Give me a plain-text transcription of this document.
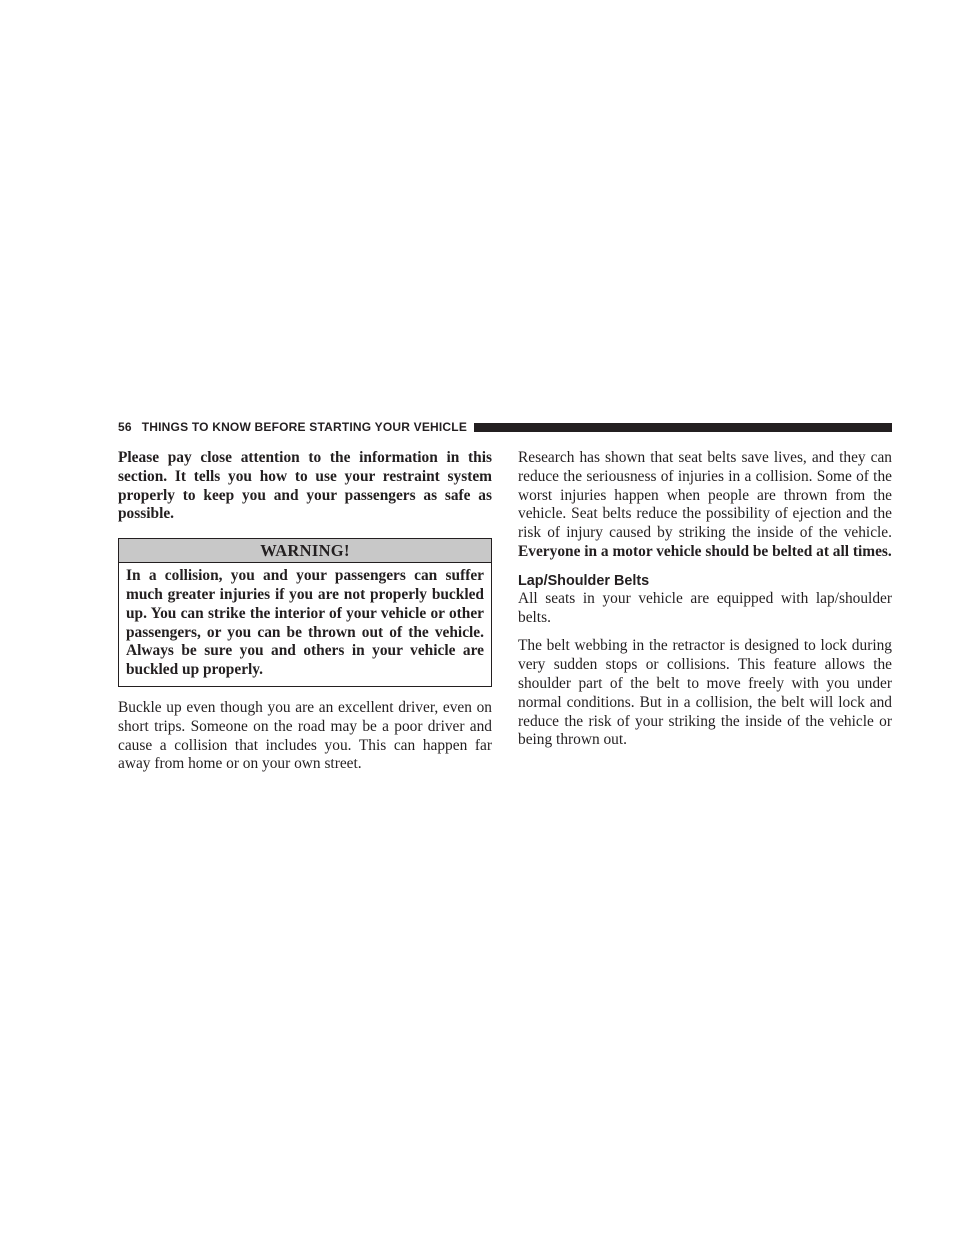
56 THINGS TO KNOW BEFORE STARTING YOUR VEHICLE

Please pay close attention to the information in this section. It tells you how to use your restraint system properly to keep you and your passengers as safe as possible.

WARNING!
In a collision, you and your passengers can suffer much greater injuries if you are not properly buckled up. You can strike the interior of your vehicle or other passengers, or you can be thrown out of the vehicle. Always be sure you and others in your vehicle are buckled up properly.

Buckle up even though you are an excellent driver, even on short trips. Someone on the road may be a poor driver and cause a collision that includes you. This can happen far away from home or on your own street.

Research has shown that seat belts save lives, and they can reduce the seriousness of injuries in a collision. Some of the worst injuries happen when people are thrown from the vehicle. Seat belts reduce the possibility of ejection and the risk of injury caused by striking the inside of the vehicle. Everyone in a motor vehicle should be belted at all times.

Lap/Shoulder Belts

All seats in your vehicle are equipped with lap/shoulder belts.

The belt webbing in the retractor is designed to lock during very sudden stops or collisions. This feature allows the shoulder part of the belt to move freely with you under normal conditions. But in a collision, the belt will lock and reduce the risk of your striking the inside of the vehicle or being thrown out.
